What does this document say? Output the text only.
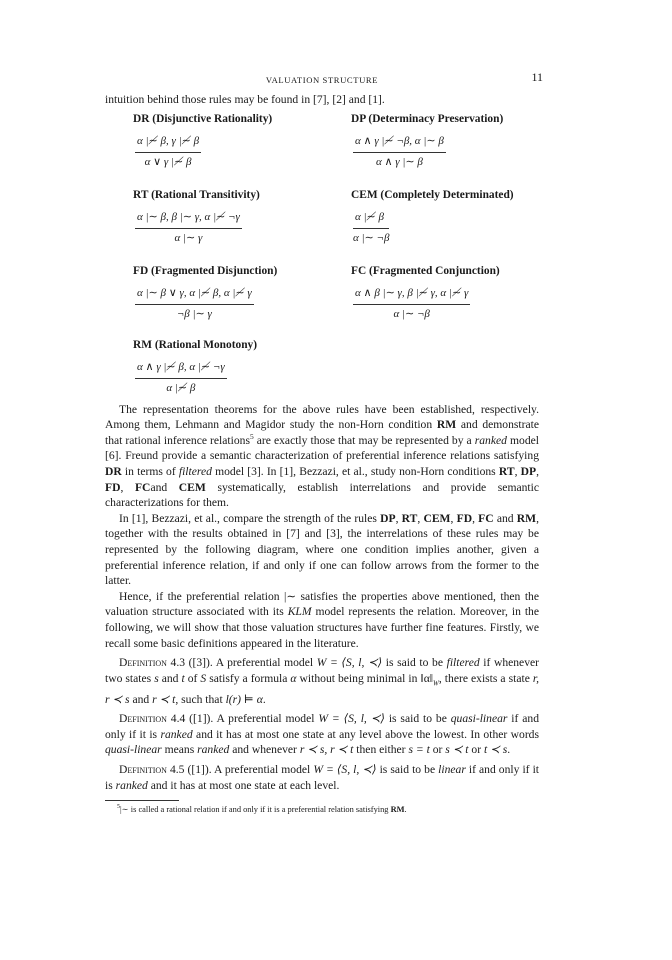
VALUATION STRUCTURE	11

intuition behind those rules may be found in [7], [2] and [1].

DR (Disjunctive Rationality)
$\frac{\alpha |≁ \beta, \gamma |≁ \beta}{\alpha \vee \gamma |≁ \beta}$
DP (Determinacy Preservation)
$\frac{\alpha \wedge \gamma |≁ \neg\beta, \alpha |\sim \beta}{\alpha \wedge \gamma |\sim \beta}$
RT (Rational Transitivity)
$\frac{\alpha |\sim \beta, \beta |\sim \gamma, \alpha |≁ \neg\gamma}{\alpha |\sim \gamma}$
CEM (Completely Determinated)
$\frac{\alpha |≁ \beta}{\alpha |\sim \neg\beta}$
FD (Fragmented Disjunction)
$\frac{\alpha |\sim \beta \vee \gamma, \alpha |≁ \beta, \alpha |≁ \gamma}{\neg\beta |\sim \gamma}$
FC (Fragmented Conjunction)
$\frac{\alpha \wedge \beta |\sim \gamma, \beta |≁ \gamma, \alpha |≁ \gamma}{\alpha |\sim \neg\beta}$
RM (Rational Monotony)
$\frac{\alpha \wedge \gamma |≁ \beta, \alpha |≁ \neg\gamma}{\alpha |≁ \beta}$

The representation theorems for the above rules have been established, respectively. Among them, Lehmann and Magidor study the non-Horn condition RM and demonstrate that rational inference relations$^5$ are exactly those that may be represented by a ranked model [6]. Freund provide a semantic characterization of preferential inference relations satisfying DR in terms of filtered model [3]. In [1], Bezzazi, et al., study non-Horn conditions RT, DP, FD, FCand CEM systematically, establish interrelations and provide semantic characterizations for them.

In [1], Bezzazi, et al., compare the strength of the rules DP, RT, CEM, FD, FC and RM, together with the results obtained in [7] and [3], the interrelations of these rules may be represented by the following diagram, where one condition implies another, given a preferential inference relation, if and only if one can follow arrows from the former to the latter.

Hence, if the preferential relation |∼ satisfies the properties above mentioned, then the valuation structure associated with its KLM model represents the relation. Moreover, in the following, we will show that those valuation structures have further fine features. Firstly, we recall some basic definitions appeared in the literature.

Definition 4.3 ([3]). A preferential model W = ⟨S, l, ≺⟩ is said to be filtered if whenever two states s and t of S satisfy a formula α without being minimal in $‖\alpha‖_W$, there exists a state r, r ≺ s and r ≺ t, such that l(r) ⊨ α.

Definition 4.4 ([1]). A preferential model W = ⟨S, l, ≺⟩ is said to be quasi-linear if and only if it is ranked and it has at most one state at any level above the lowest. In other words quasi-linear means ranked and whenever r ≺ s, r ≺ t then either s = t or s ≺ t or t ≺ s.

Definition 4.5 ([1]). A preferential model W = ⟨S, l, ≺⟩ is said to be linear if and only if it is ranked and it has at most one state at each level.

$^5$|∼ is called a rational relation if and only if it is a preferential relation satisfying RM.
